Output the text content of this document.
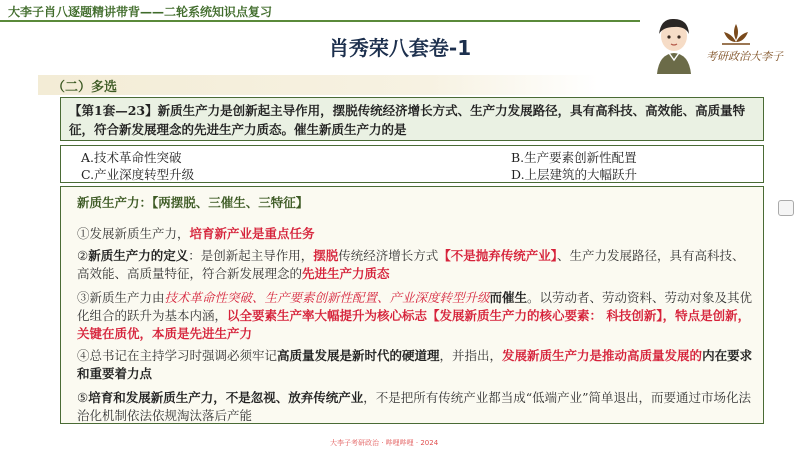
大李子肖八逐题精讲带背——二轮系统知识点复习
肖秀荣八套卷-1	考研政治大李子
（二）多选
【第1套—23】新质生产力是创新起主导作用，摆脱传统经济增长方式、生产力发展路径，具有高科技、高效能、高质量特征，符合新发展理念的先进生产力质态。催生新质生产力的是
A.技术革命性突破	B.生产要素创新性配置
C.产业深度转型升级	D.上层建筑的大幅跃升
新质生产力：【两摆脱、三催生、三特征】
①发展新质生产力，培育新产业是重点任务
②新质生产力的定义：是创新起主导作用，摆脱传统经济增长方式【不是抛弃传统产业】、生产力发展路径，具有高科技、高效能、高质量特征，符合新发展理念的先进生产力质态
③新质生产力由技术革命性突破、生产要素创新性配置、产业深度转型升级而催生。以劳动者、劳动资料、劳动对象及其优化组合的跃升为基本内涵，以全要素生产率大幅提升为核心标志【发展新质生产力的核心要素： 科技创新】，特点是创新，关键在质优，本质是先进生产力
④总书记在主持学习时强调必须牢记高质量发展是新时代的硬道理，并指出，发展新质生产力是推动高质量发展的内在要求和重要着力点
⑤培育和发展新质生产力，不是忽视、放弃传统产业，不是把所有传统产业都当成“低端产业”简单退出，而要通过市场化法治化机制依法依规淘汰落后产能
大李子考研政治 · 哔哩哔哩 · 2024
